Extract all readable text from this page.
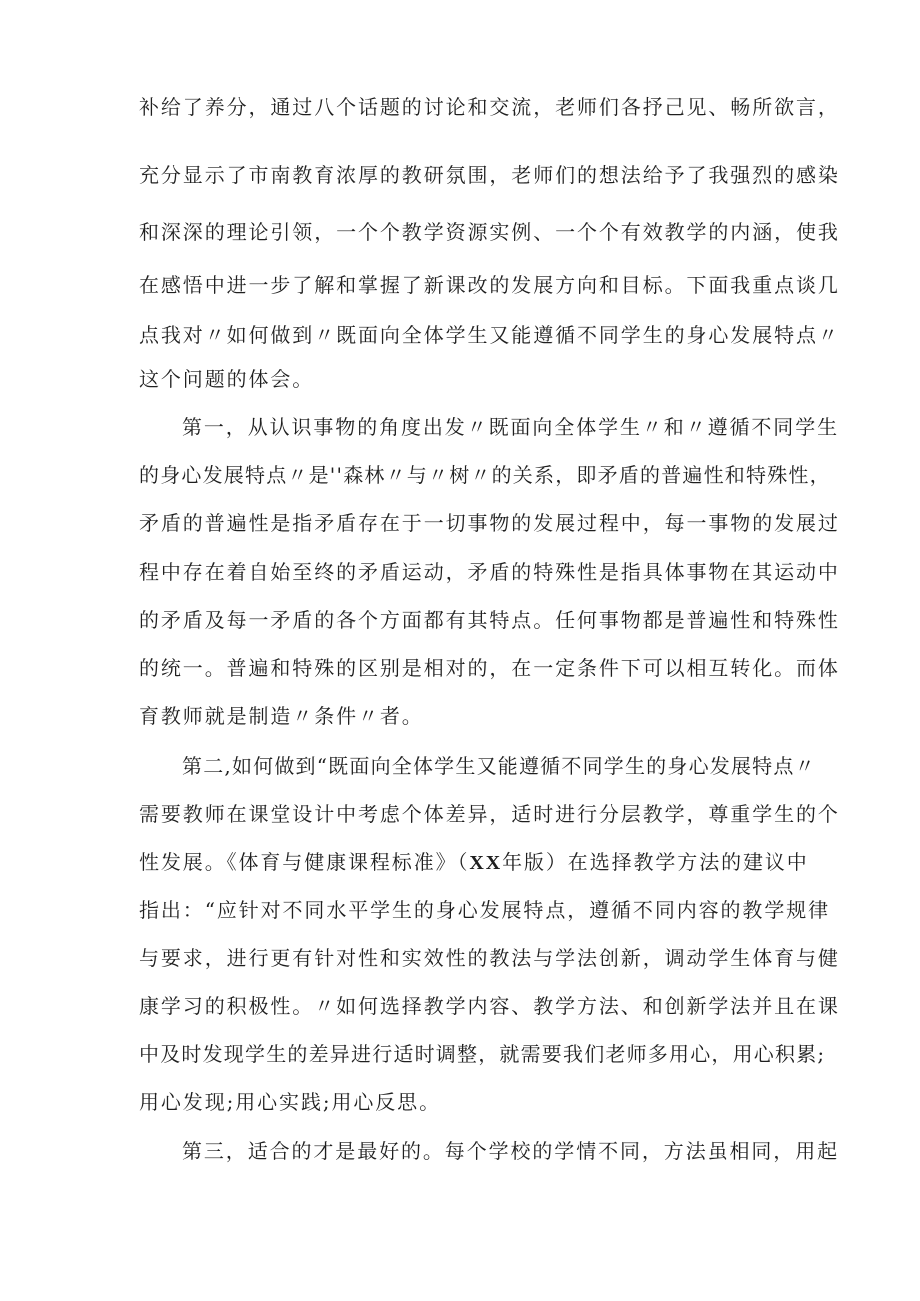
补给了养分，通过八个话题的讨论和交流，老师们各抒己见、畅所欲言，
充分显示了市南教育浓厚的教研氛围，老师们的想法给予了我强烈的感染
和深深的理论引领，一个个教学资源实例、一个个有效教学的内涵，使我
在感悟中进一步了解和掌握了新课改的发展方向和目标。下面我重点谈几
点我对〃如何做到〃既面向全体学生又能遵循不同学生的身心发展特点〃
这个问题的体会。
第一，从认识事物的角度出发〃既面向全体学生〃和〃遵循不同学生
的身心发展特点〃是''森林〃与〃树〃的关系，即矛盾的普遍性和特殊性，
矛盾的普遍性是指矛盾存在于一切事物的发展过程中，每一事物的发展过
程中存在着自始至终的矛盾运动，矛盾的特殊性是指具体事物在其运动中
的矛盾及每一矛盾的各个方面都有其特点。任何事物都是普遍性和特殊性
的统一。普遍和特殊的区别是相对的，在一定条件下可以相互转化。而体
育教师就是制造〃条件〃者。
第二,如何做到“既面向全体学生又能遵循不同学生的身心发展特点〃
需要教师在课堂设计中考虑个体差异，适时进行分层教学，尊重学生的个
性发展。《体育与健康课程标准》（XX年版）在选择教学方法的建议中
指出：“应针对不同水平学生的身心发展特点，遵循不同内容的教学规律
与要求，进行更有针对性和实效性的教法与学法创新，调动学生体育与健
康学习的积极性。〃如何选择教学内容、教学方法、和创新学法并且在课
中及时发现学生的差异进行适时调整，就需要我们老师多用心，用心积累;
用心发现;用心实践;用心反思。
第三，适合的才是最好的。每个学校的学情不同，方法虽相同，用起
